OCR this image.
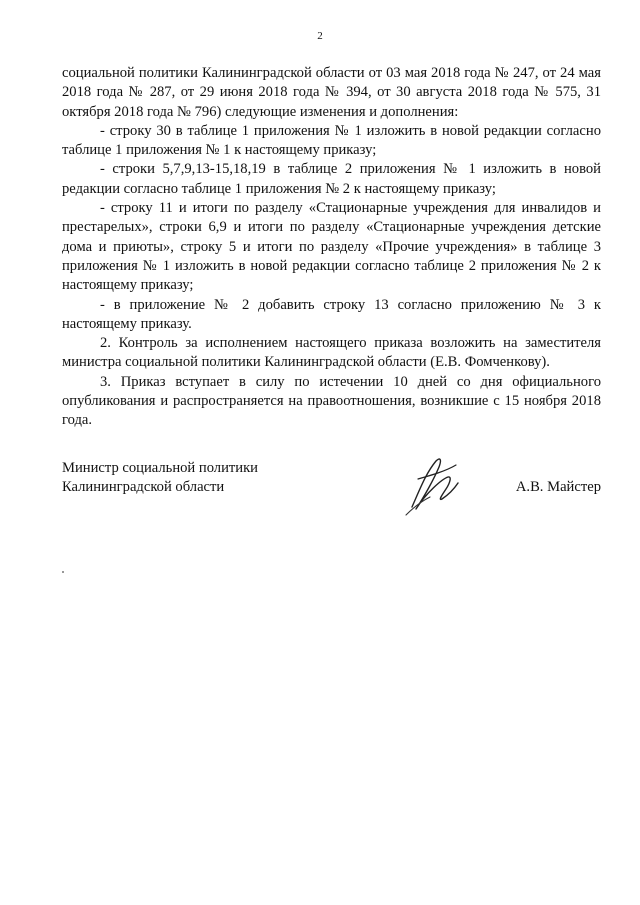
2

социальной политики Калининградской области от 03 мая 2018 года № 247, от 24 мая 2018 года № 287, от 29 июня 2018 года № 394, от 30 августа 2018 года № 575, 31 октября 2018 года № 796) следующие изменения и дополнения:

- строку 30 в таблице 1 приложения № 1 изложить в новой редакции согласно таблице 1 приложения № 1 к настоящему приказу;

- строки 5,7,9,13-15,18,19 в таблице 2 приложения № 1 изложить в новой редакции согласно таблице 1 приложения № 2 к настоящему приказу;

- строку 11 и итоги по разделу «Стационарные учреждения для инвалидов и престарелых», строки 6,9 и итоги по разделу «Стационарные учреждения детские дома и приюты», строку 5 и итоги по разделу «Прочие учреждения» в таблице 3 приложения № 1 изложить в новой редакции согласно таблице 2 приложения № 2 к настоящему приказу;

- в приложение № 2 добавить строку 13 согласно приложению № 3 к настоящему приказу.

2. Контроль за исполнением настоящего приказа возложить на заместителя министра социальной политики Калининградской области (Е.В. Фомченкову).

3. Приказ вступает в силу по истечении 10 дней со дня официального опубликования и распространяется на правоотношения, возникшие с 15 ноября 2018 года.

Министр социальной политики
Калининградской области	А.В. Майстер
